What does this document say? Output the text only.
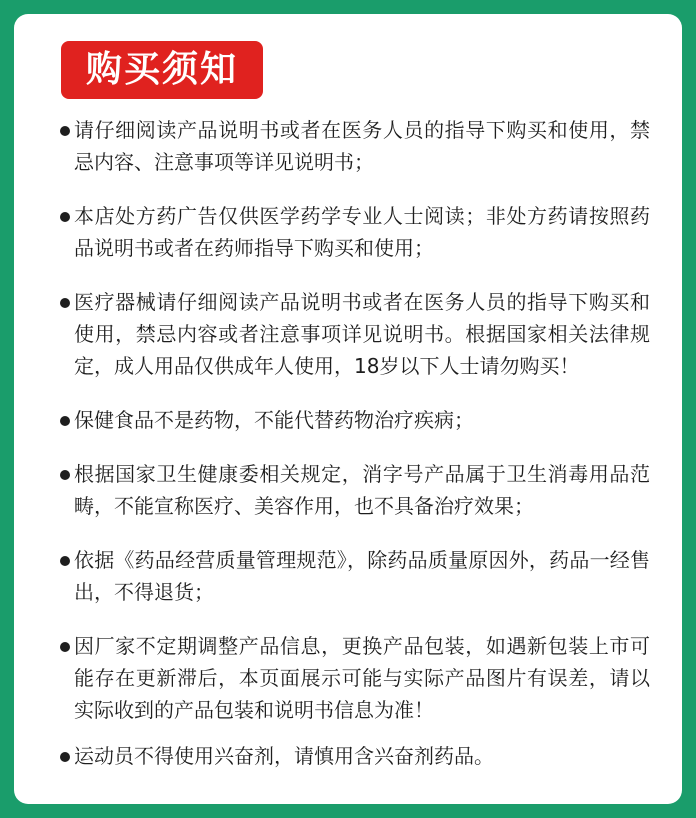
购买须知
请仔细阅读产品说明书或者在医务人员的指导下购买和使用，禁忌内容、注意事项等详见说明书；
本店处方药广告仅供医学药学专业人士阅读；非处方药请按照药品说明书或者在药师指导下购买和使用；
医疗器械请仔细阅读产品说明书或者在医务人员的指导下购买和使用，禁忌内容或者注意事项详见说明书。根据国家相关法律规定，成人用品仅供成年人使用，18岁以下人士请勿购买！
保健食品不是药物，不能代替药物治疗疾病；
根据国家卫生健康委相关规定，消字号产品属于卫生消毒用品范畴，不能宣称医疗、美容作用，也不具备治疗效果；
依据《药品经营质量管理规范》，除药品质量原因外，药品一经售出，不得退货；
因厂家不定期调整产品信息，更换产品包装，如遇新包装上市可能存在更新滞后，本页面展示可能与实际产品图片有误差，请以实际收到的产品包装和说明书信息为准！
运动员不得使用兴奋剂，请慎用含兴奋剂药品。
